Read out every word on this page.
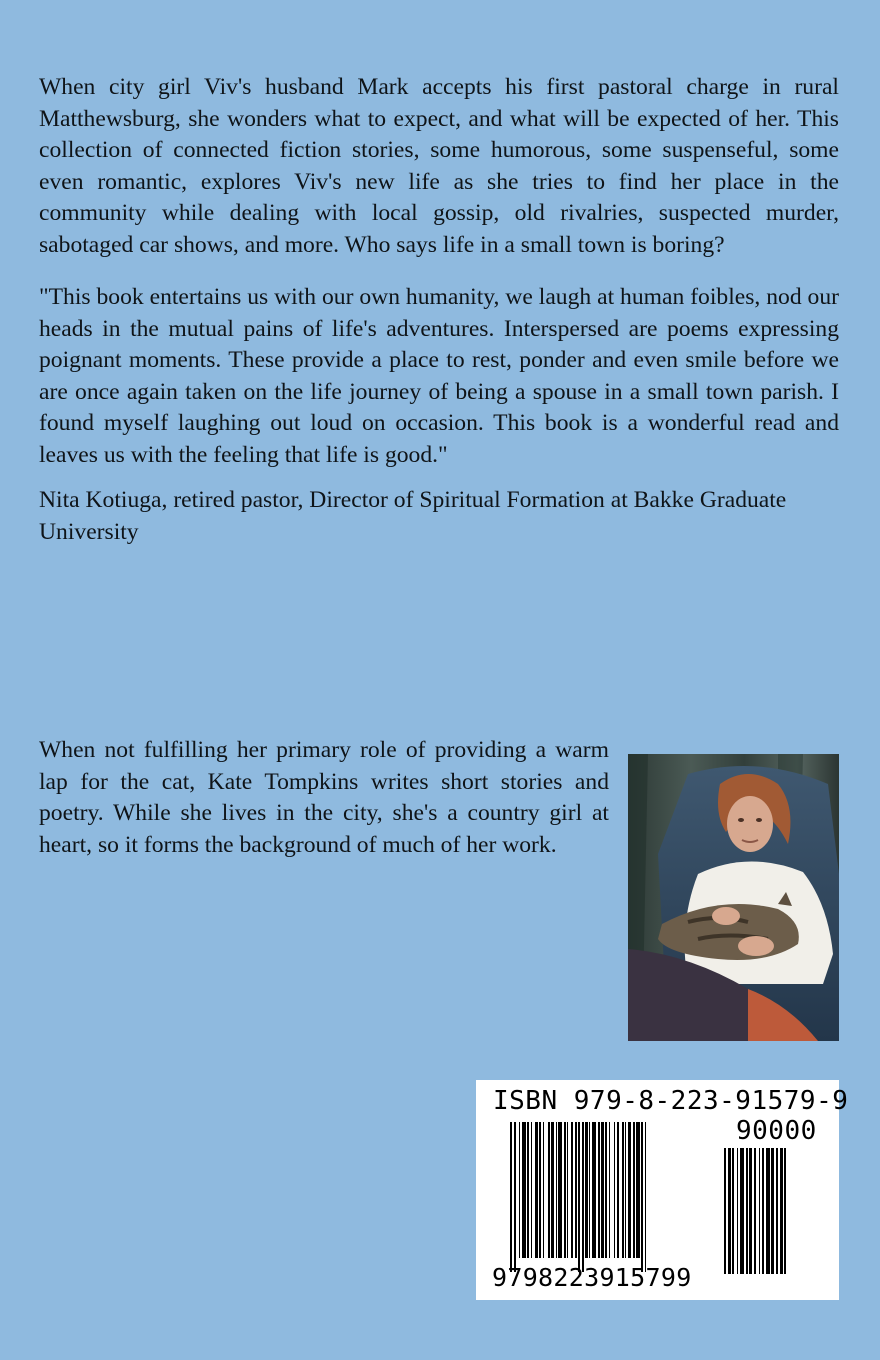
When city girl Viv's husband Mark accepts his first pastoral charge in rural Matthewsburg, she wonders what to expect, and what will be expected of her. This collection of connected fiction stories, some humorous, some suspenseful, some even romantic, explores Viv's new life as she tries to find her place in the community while dealing with local gossip, old rivalries, suspected murder, sabotaged car shows, and more. Who says life in a small town is boring?

"This book entertains us with our own humanity, we laugh at human foibles, nod our heads in the mutual pains of life's adventures. Interspersed are poems expressing poignant moments. These provide a place to rest, ponder and even smile before we are once again taken on the life journey of being a spouse in a small town parish. I found myself laughing out loud on occasion. This book is a wonderful read and leaves us with the feeling that life is good."

Nita Kotiuga, retired pastor, Director of Spiritual Formation at Bakke Graduate University

When not fulfilling her primary role of providing a warm lap for the cat, Kate Tompkins writes short stories and poetry. While she lives in the city, she's a country girl at heart, so it forms the background of much of her work.

ISBN 979-8-223-91579-9
90000
9798223915799
